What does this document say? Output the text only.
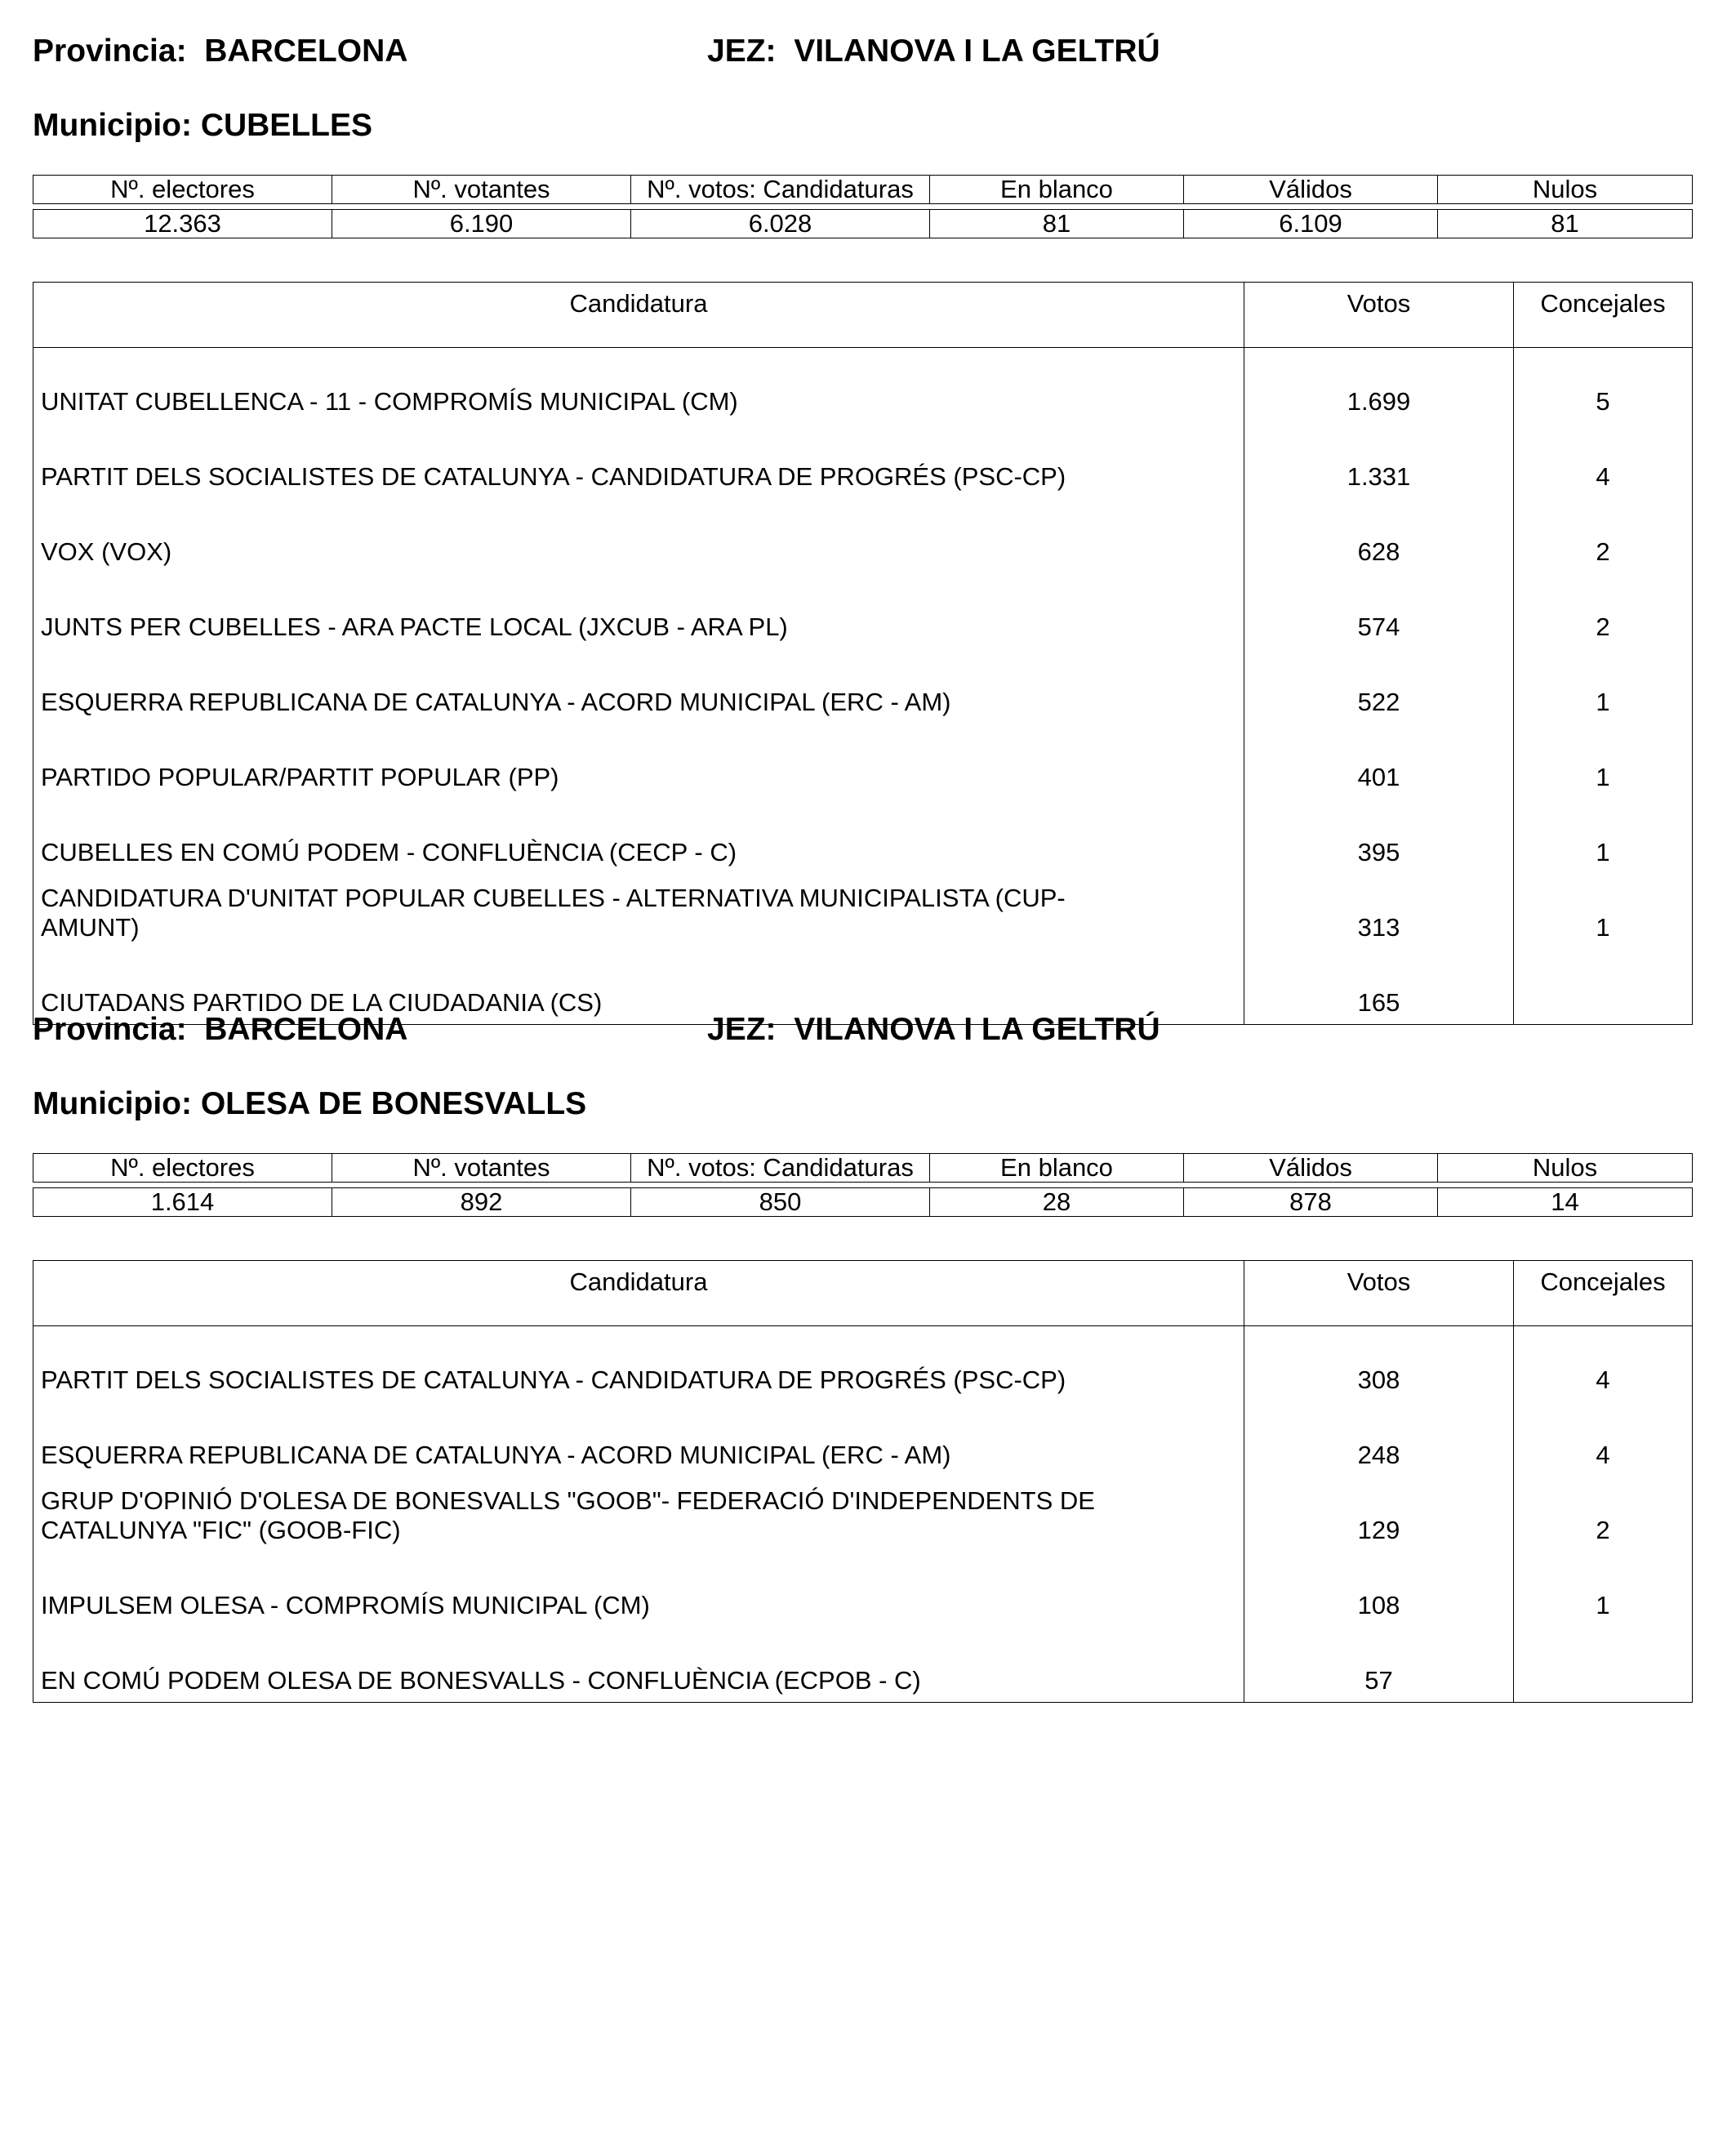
Provincia: BARCELONA	JEZ: VILANOVA I LA GELTRÚ
Municipio: CUBELLES
Nº. electores	Nº. votantes	Nº. votos: Candidaturas	En blanco	Válidos	Nulos

12.363	6.190	6.028	81	6.109	81
Candidatura	Votos	Concejales
UNITAT CUBELLENCA - 11 - COMPROMÍS MUNICIPAL (CM)	1.699	5
PARTIT DELS SOCIALISTES DE CATALUNYA - CANDIDATURA DE PROGRÉS (PSC-CP)	1.331	4
VOX (VOX)	628	2
JUNTS PER CUBELLES - ARA PACTE LOCAL (JXCUB - ARA PL)	574	2
ESQUERRA REPUBLICANA DE CATALUNYA - ACORD MUNICIPAL (ERC - AM)	522	1
PARTIDO POPULAR/PARTIT POPULAR (PP)	401	1
CUBELLES EN COMÚ PODEM - CONFLUÈNCIA (CECP - C)	395	1
CANDIDATURA D'UNITAT POPULAR CUBELLES - ALTERNATIVA MUNICIPALISTA (CUP-AMUNT)	313	1
CIUTADANS PARTIDO DE LA CIUDADANIA (CS)	165	
Provincia: BARCELONA	JEZ: VILANOVA I LA GELTRÚ
Municipio: OLESA DE BONESVALLS
Nº. electores	Nº. votantes	Nº. votos: Candidaturas	En blanco	Válidos	Nulos

1.614	892	850	28	878	14
Candidatura	Votos	Concejales
PARTIT DELS SOCIALISTES DE CATALUNYA - CANDIDATURA DE PROGRÉS (PSC-CP)	308	4
ESQUERRA REPUBLICANA DE CATALUNYA - ACORD MUNICIPAL (ERC - AM)	248	4
GRUP D'OPINIÓ D'OLESA DE BONESVALLS "GOOB"- FEDERACIÓ D'INDEPENDENTS DE CATALUNYA "FIC" (GOOB-FIC)	129	2
IMPULSEM OLESA - COMPROMÍS MUNICIPAL (CM)	108	1
EN COMÚ PODEM OLESA DE BONESVALLS - CONFLUÈNCIA (ECPOB - C)	57	
